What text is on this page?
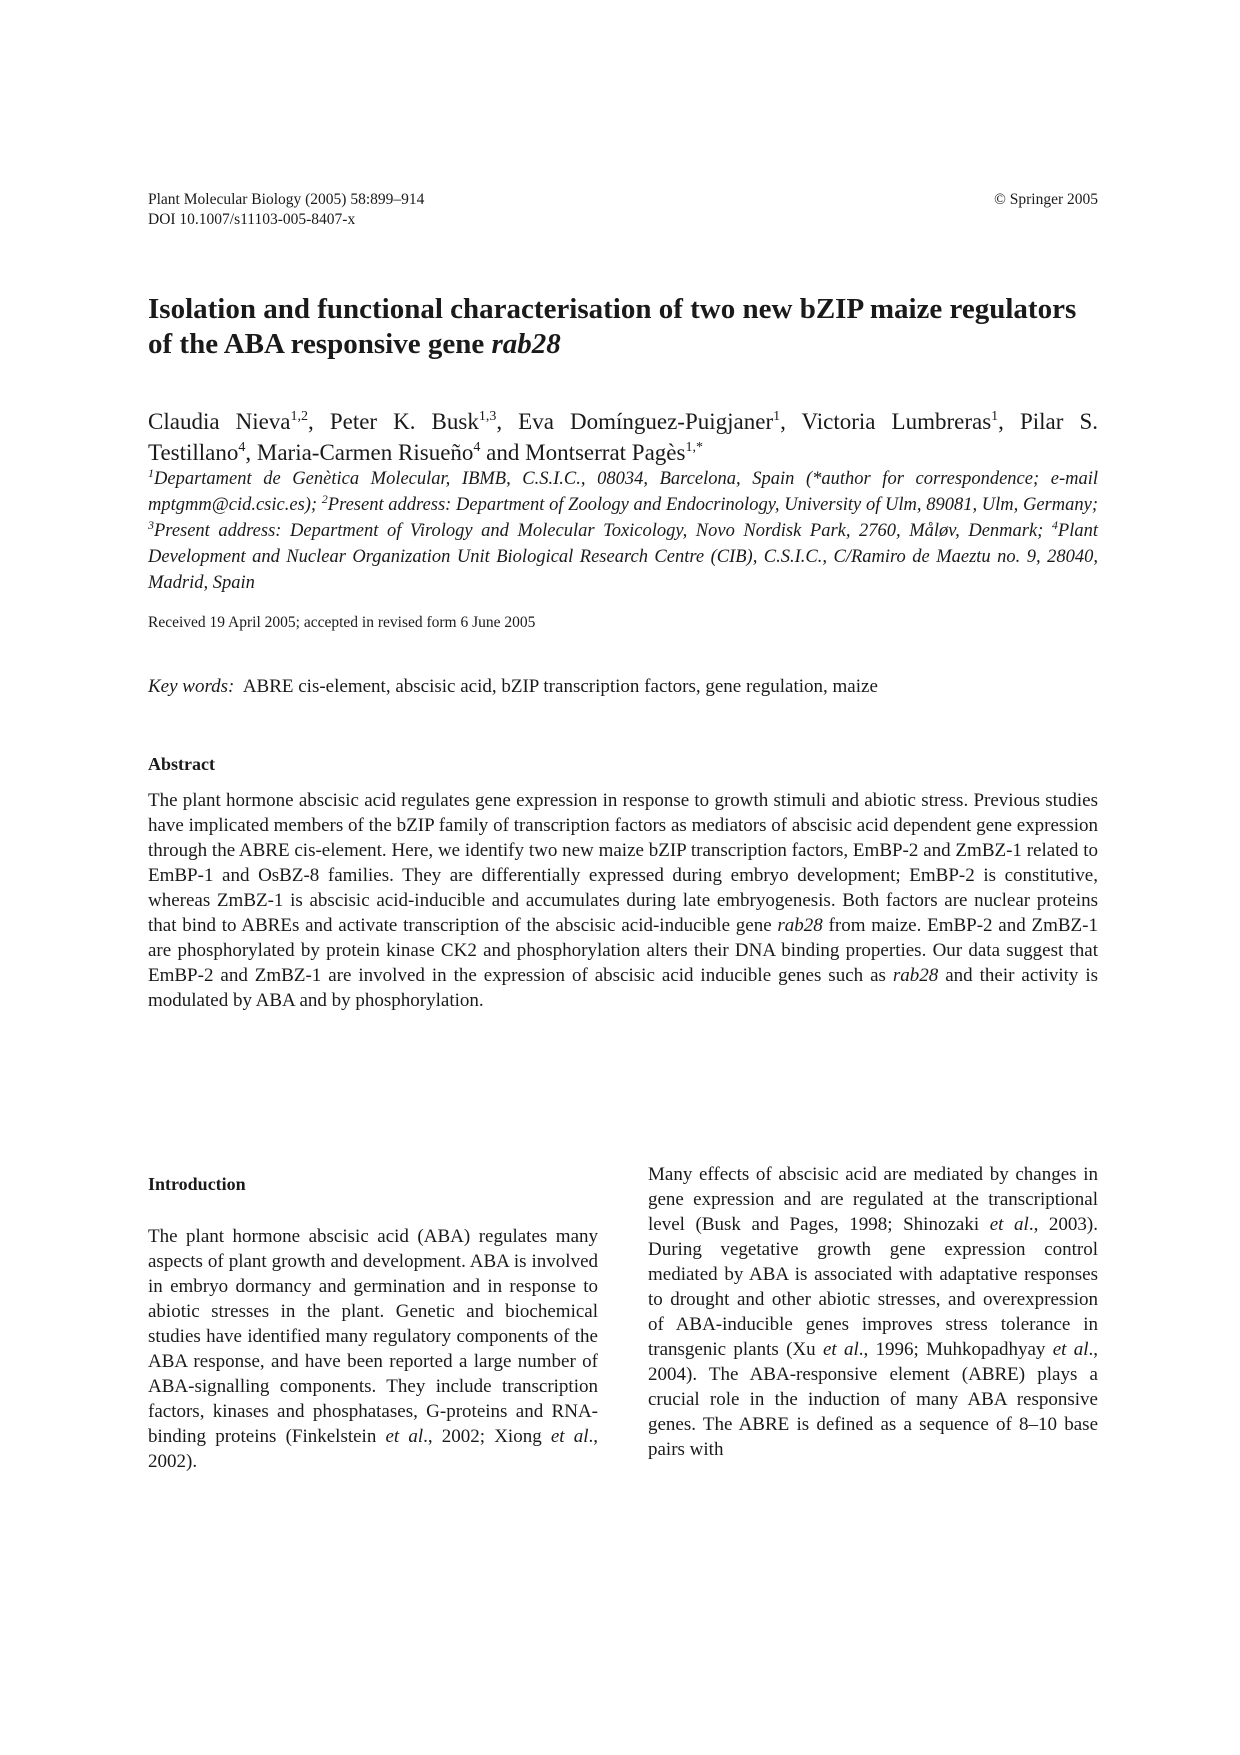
Plant Molecular Biology (2005) 58:899–914
DOI 10.1007/s11103-005-8407-x
© Springer 2005
Isolation and functional characterisation of two new bZIP maize regulators of the ABA responsive gene rab28
Claudia Nieva$^{1,2}$, Peter K. Busk$^{1,3}$, Eva Domínguez-Puigjaner$^1$, Victoria Lumbreras$^1$, Pilar S. Testillano$^4$, Maria-Carmen Risueño$^4$ and Montserrat Pagès$^{1,*}$
$^1$Departament de Genètica Molecular, IBMB, C.S.I.C., 08034, Barcelona, Spain (*author for correspondence; e-mail mptgmm@cid.csic.es); $^2$Present address: Department of Zoology and Endocrinology, University of Ulm, 89081, Ulm, Germany; $^3$Present address: Department of Virology and Molecular Toxicology, Novo Nordisk Park, 2760, Måløv, Denmark; $^4$Plant Development and Nuclear Organization Unit Biological Research Centre (CIB), C.S.I.C., C/Ramiro de Maeztu no. 9, 28040, Madrid, Spain
Received 19 April 2005; accepted in revised form 6 June 2005
Key words: ABRE cis-element, abscisic acid, bZIP transcription factors, gene regulation, maize
Abstract

The plant hormone abscisic acid regulates gene expression in response to growth stimuli and abiotic stress. Previous studies have implicated members of the bZIP family of transcription factors as mediators of abscisic acid dependent gene expression through the ABRE cis-element. Here, we identify two new maize bZIP transcription factors, EmBP-2 and ZmBZ-1 related to EmBP-1 and OsBZ-8 families. They are differentially expressed during embryo development; EmBP-2 is constitutive, whereas ZmBZ-1 is abscisic acid-inducible and accumulates during late embryogenesis. Both factors are nuclear proteins that bind to ABREs and activate transcription of the abscisic acid-inducible gene rab28 from maize. EmBP-2 and ZmBZ-1 are phosphorylated by protein kinase CK2 and phosphorylation alters their DNA binding properties. Our data suggest that EmBP-2 and ZmBZ-1 are involved in the expression of abscisic acid inducible genes such as rab28 and their activity is modulated by ABA and by phosphorylation.

Introduction

The plant hormone abscisic acid (ABA) regulates many aspects of plant growth and development. ABA is involved in embryo dormancy and germination and in response to abiotic stresses in the plant. Genetic and biochemical studies have identified many regulatory components of the ABA response, and have been reported a large number of ABA-signalling components. They include transcription factors, kinases and phosphatases, G-proteins and RNA-binding proteins (Finkelstein et al., 2002; Xiong et al., 2002).

Many effects of abscisic acid are mediated by changes in gene expression and are regulated at the transcriptional level (Busk and Pages, 1998; Shinozaki et al., 2003). During vegetative growth gene expression control mediated by ABA is associated with adaptative responses to drought and other abiotic stresses, and overexpression of ABA-inducible genes improves stress tolerance in transgenic plants (Xu et al., 1996; Muhkopadhyay et al., 2004). The ABA-responsive element (ABRE) plays a crucial role in the induction of many ABA responsive genes. The ABRE is defined as a sequence of 8–10 base pairs with
